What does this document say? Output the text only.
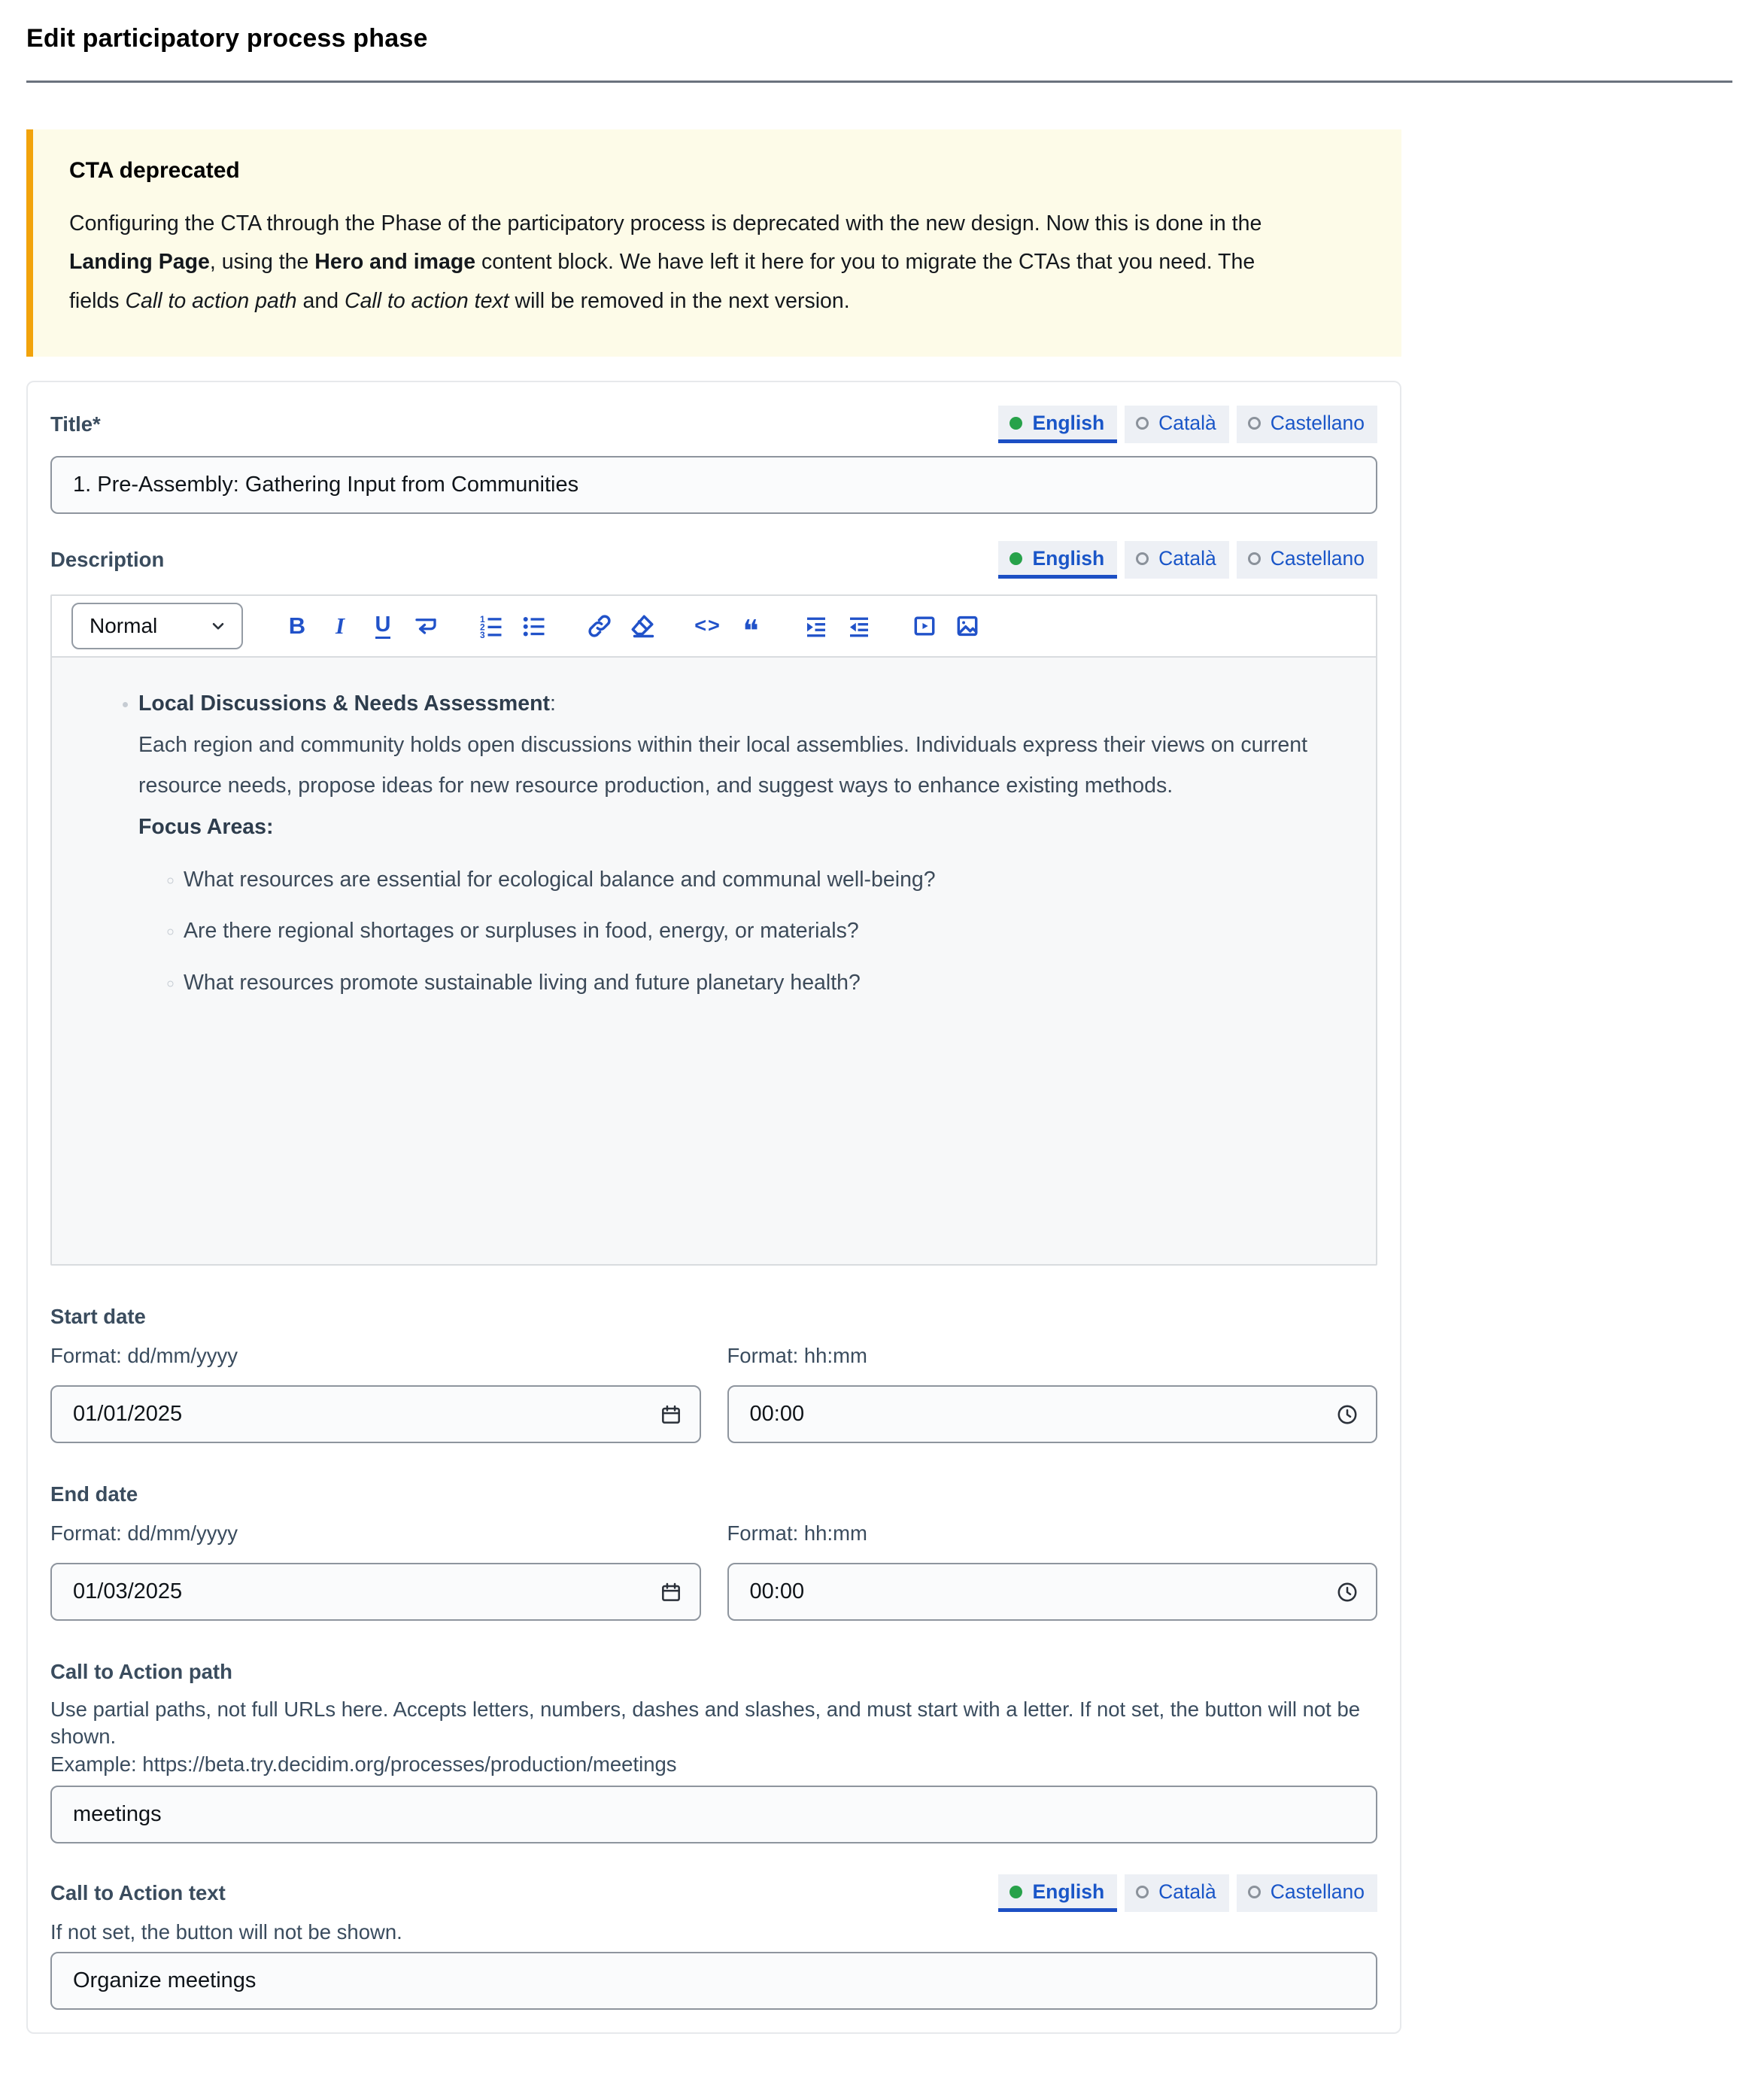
Edit participatory process phase
CTA deprecated

Configuring the CTA through the Phase of the participatory process is deprecated with the new design. Now this is done in the Landing Page, using the Hero and image content block. We have left it here for you to migrate the CTAs that you need. The fields Call to action path and Call to action text will be removed in the next version.

Title*	English	Català	Castellano
1. Pre-Assembly: Gathering Input from Communities
Description	English	Català	Castellano
Normal	B I U	1
2
3	<> ❝

• Local Discussions & Needs Assessment:

Each region and community holds open discussions within their local assemblies. Individuals express their views on current resource needs, propose ideas for new resource production, and suggest ways to enhance existing methods.

Focus Areas:

◦ What resources are essential for ecological balance and communal well-being?
◦ Are there regional shortages or surpluses in food, energy, or materials?
◦ What resources promote sustainable living and future planetary health?
Start date
Format: dd/mm/yyyy	Format: hh:mm
01/01/2025
00:00
End date
Format: dd/mm/yyyy	Format: hh:mm
01/03/2025
00:00
Call to Action path

Use partial paths, not full URLs here. Accepts letters, numbers, dashes and slashes, and must start with a letter. If not set, the button will not be shown.

Example: https://beta.try.decidim.org/processes/production/meetings

meetings
Call to Action text	English	Català	Castellano

If not set, the button will not be shown.

Organize meetings
